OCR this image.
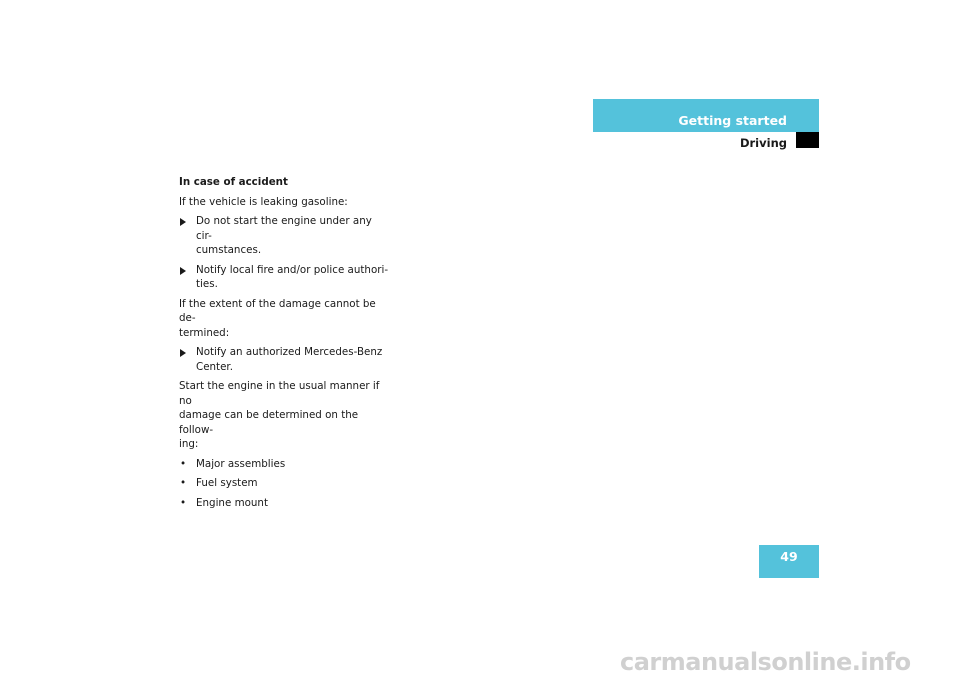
Getting started
Driving

In case of accident

If the vehicle is leaking gasoline:

Do not start the engine under any cir-
cumstances.
Notify local fire and/or police authori-
ties.

If the extent of the damage cannot be de-
termined:

Notify an authorized Mercedes-Benz
Center.

Start the engine in the usual manner if no
damage can be determined on the follow-
ing:

• Major assemblies
• Fuel system
• Engine mount
49
carmanualsonline.info
